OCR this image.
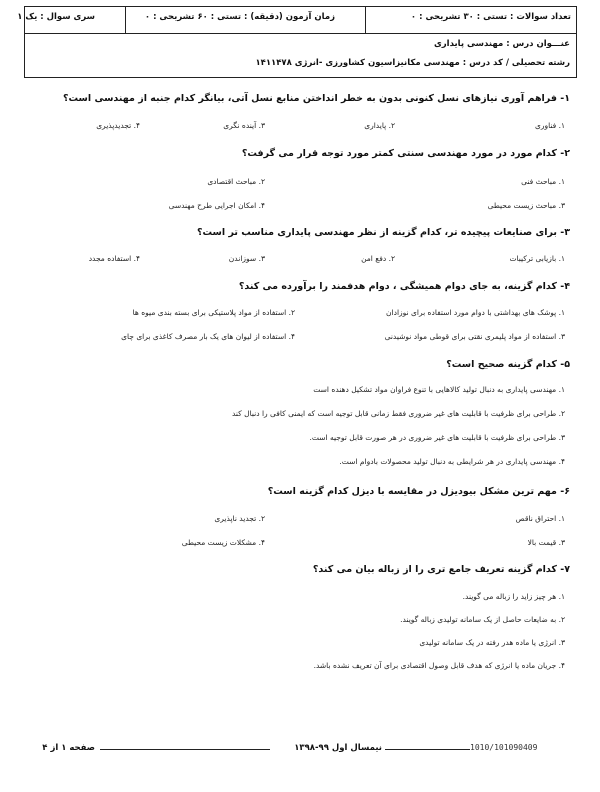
تعداد سوالات : تستی : ۳۰ تشریحی : ۰
زمان آزمون (دقیقه) : تستی : ۶۰ تشریحی : ۰
سری سوال : یک ۱
عنـــوان درس : مهندسی پایداری
رشته تحصیلی / کد درس : مهندسی مکانیزاسیون کشاورزی -انرژی ۱۴۱۱۴۷۸
۱- فراهم آوری نیازهای نسل کنونی بدون به خطر انداختن منابع نسل آتی، بیانگر کدام جنبه از مهندسی است؟
۱. فناوری
۲. پایداری
۳. آینده نگری
۴. تجدیدپذیری
۲- کدام مورد در مورد مهندسی سنتی کمتر مورد توجه قرار می گرفت؟
۱. مباحث فنی
۲. مباحث اقتصادی
۳. مباحث زیست محیطی
۴. امکان اجرایی طرح مهندسی
۳- برای صنایعات پیچیده تر، کدام گزینه از نظر مهندسی پایداری مناسب تر است؟
۱. بازیابی ترکیبات
۲. دفع امن
۳. سوزاندن
۴. استفاده مجدد
۴- کدام گزینه، به جای دوام همیشگی ، دوام هدفمند را برآورده می کند؟
۱. پوشک های بهداشتی با دوام مورد استفاده برای نوزادان
۲. استفاده از مواد پلاستیکی برای بسته بندی میوه ها
۳. استفاده از مواد پلیمری نقتی برای قوطی مواد نوشیدنی
۴. استفاده از لیوان های یک بار مصرف کاغذی برای چای
۵- کدام گزینه صحیح است؟
۱. مهندسی پایداری به دنبال تولید کالاهایی با تنوع فراوان مواد تشکیل دهنده است
۲. طراحی برای ظرفیت با قابلیت های غیر ضروری فقط زمانی قابل توجیه است که ایمنی کافی را دنبال کند
۳. طراحی برای ظرفیت با قابلیت های غیر ضروری در هر صورت قابل توجیه است.
۴. مهندسی پایداری در هر شرایطی به دنبال تولید محصولات بادوام است.
۶- مهم ترین مشکل بیودیزل در مقایسه با دیزل کدام گزینه است؟
۱. احتراق ناقص
۲. تجدید ناپذیری
۳. قیمت بالا
۴. مشکلات زیست محیطی
۷- کدام گزینه تعریف جامع تری را از زباله بیان می کند؟
۱. هر چیز زاید را زباله می گویند.
۲. به ضایعات حاصل از یک سامانه تولیدی زباله گویند.
۳. انرژی یا ماده هدر رفته در یک سامانه تولیدی
۴. جریان ماده یا انرژی که هدف قابل وصول اقتصادی برای آن تعریف نشده باشد.
صفحه ۱ از ۴	نیمسال اول ۹۹-۱۳۹۸	1010/101090409
